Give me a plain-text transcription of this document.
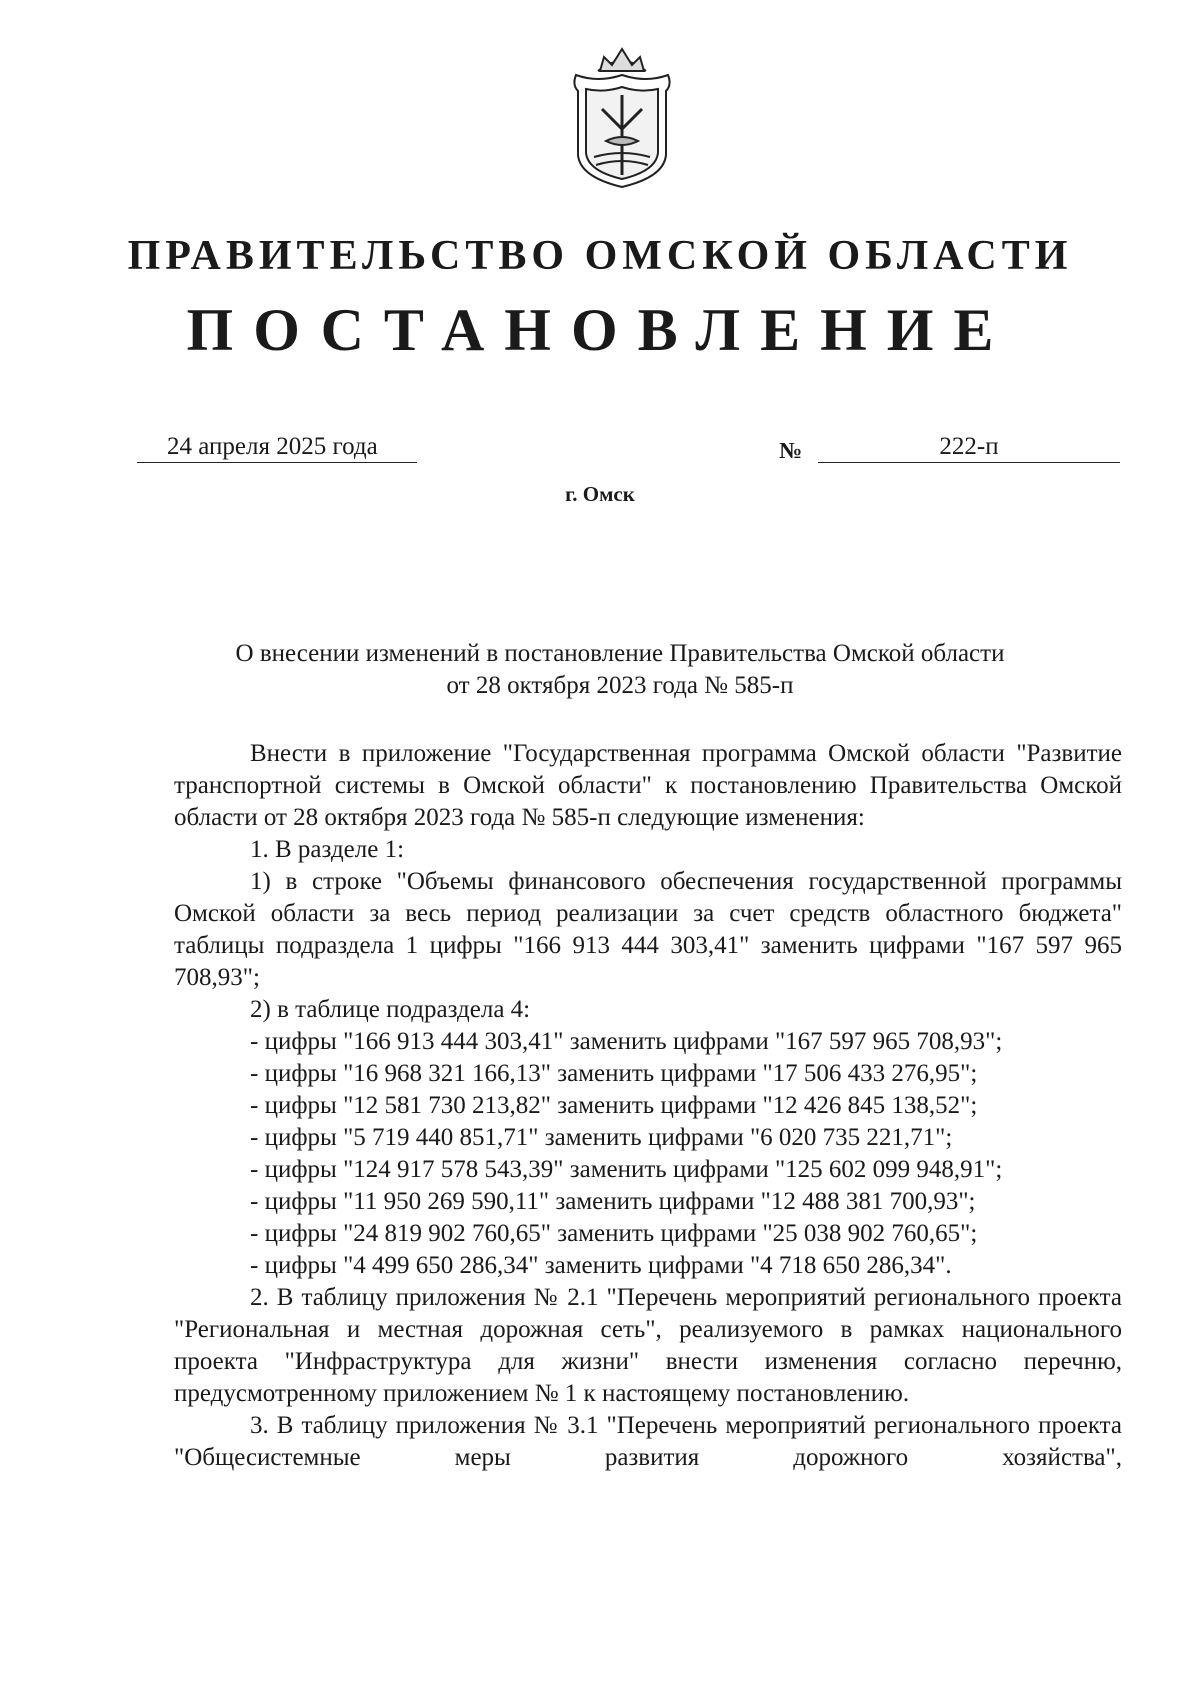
ПРАВИТЕЛЬСТВО ОМСКОЙ ОБЛАСТИ
ПОСТАНОВЛЕНИЕ
24 апреля 2025 года	№	222-п
г. Омск
О внесении изменений в постановление Правительства Омской области
от 28 октября 2023 года № 585-п

Внести в приложение "Государственная программа Омской области "Развитие транспортной системы в Омской области" к постановлению Правительства Омской области от 28 октября 2023 года № 585-п следующие изменения:

1. В разделе 1:

1) в строке "Объемы финансового обеспечения государственной программы Омской области за весь период реализации за счет средств областного бюджета" таблицы подраздела 1 цифры "166 913 444 303,41" заменить цифрами "167 597 965 708,93";

2) в таблице подраздела 4:

- цифры "166 913 444 303,41" заменить цифрами "167 597 965 708,93";

- цифры "16 968 321 166,13" заменить цифрами "17 506 433 276,95";

- цифры "12 581 730 213,82" заменить цифрами "12 426 845 138,52";

- цифры "5 719 440 851,71" заменить цифрами "6 020 735 221,71";

- цифры "124 917 578 543,39" заменить цифрами "125 602 099 948,91";

- цифры "11 950 269 590,11" заменить цифрами "12 488 381 700,93";

- цифры "24 819 902 760,65" заменить цифрами "25 038 902 760,65";

- цифры "4 499 650 286,34" заменить цифрами "4 718 650 286,34".

2. В таблицу приложения № 2.1 "Перечень мероприятий регионального проекта "Региональная и местная дорожная сеть", реализуемого в рамках национального проекта "Инфраструктура для жизни" внести изменения согласно перечню, предусмотренному приложением № 1 к настоящему постановлению.

3. В таблицу приложения № 3.1 "Перечень мероприятий регионального проекта "Общесистемные меры развития дорожного хозяйства",
